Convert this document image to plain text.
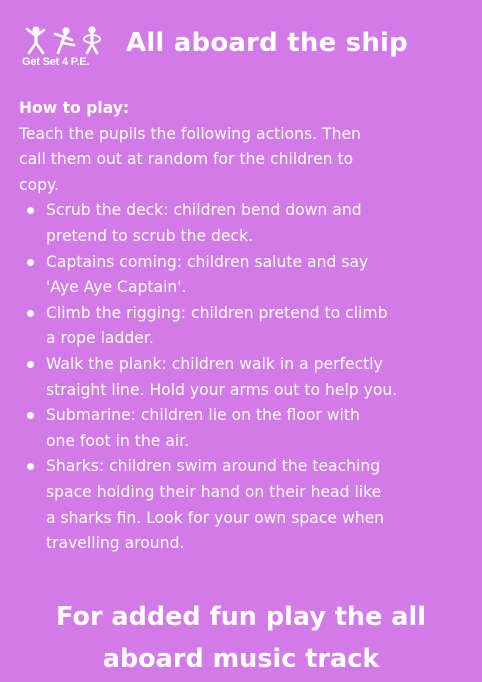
Get Set 4 P.E.
All aboard the ship
How to play:
Teach the pupils the following actions. Then
call them out at random for the children to
copy.
Scrub the deck: children bend down and
pretend to scrub the deck.
Captains coming: children salute and say
'Aye Aye Captain'.
Climb the rigging: children pretend to climb
a rope ladder.
Walk the plank: children walk in a perfectly
straight line. Hold your arms out to help you.
Submarine: children lie on the floor with
one foot in the air.
Sharks: children swim around the teaching
space holding their hand on their head like
a sharks fin. Look for your own space when
travelling around.
For added fun play the all
aboard music track
